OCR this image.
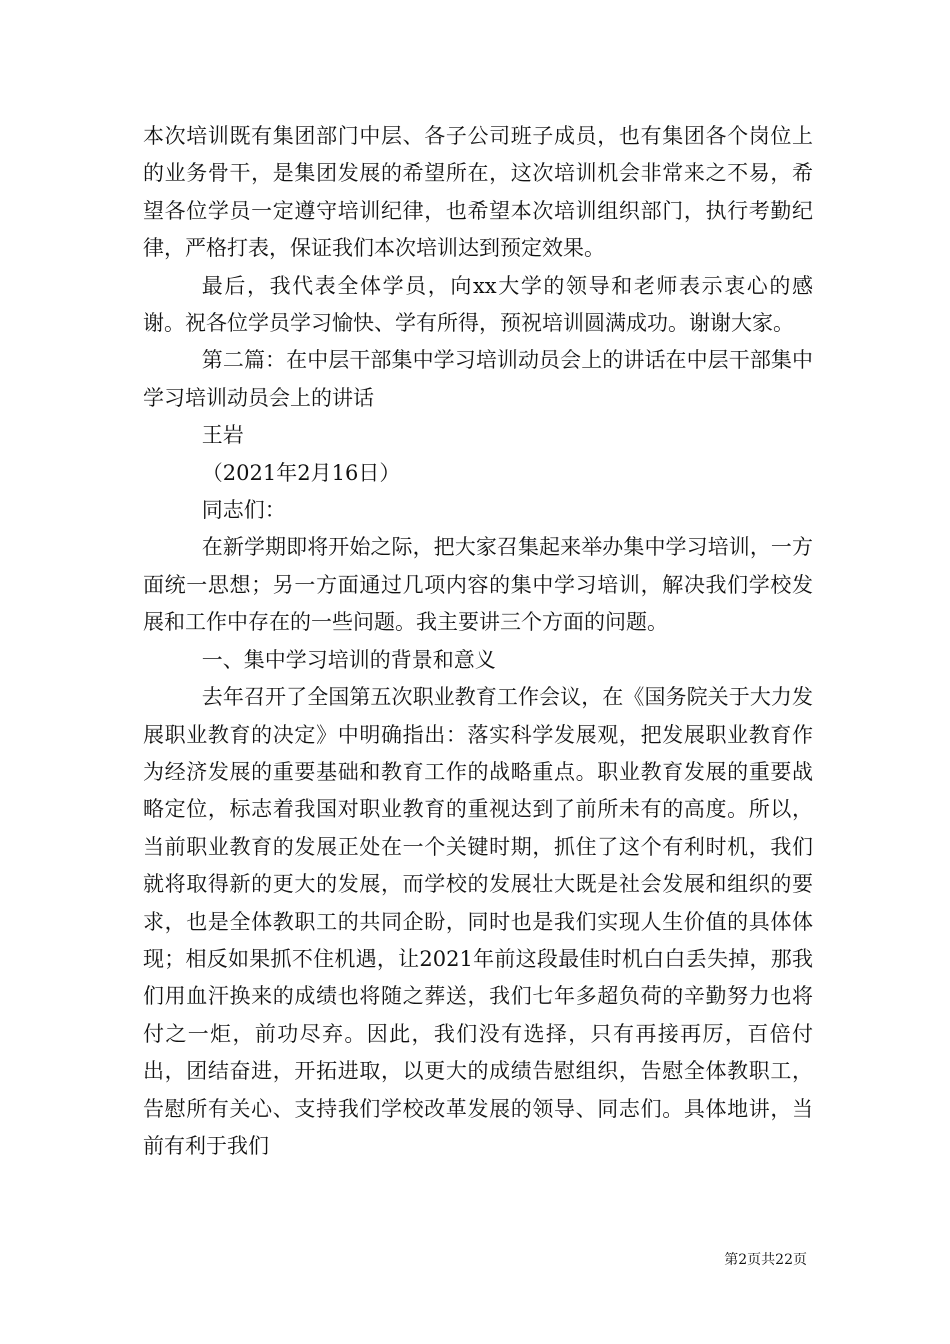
本次培训既有集团部门中层、各子公司班子成员，也有集团各个岗位上的业务骨干，是集团发展的希望所在，这次培训机会非常来之不易，希望各位学员一定遵守培训纪律，也希望本次培训组织部门，执行考勤纪律，严格打表，保证我们本次培训达到预定效果。

最后，我代表全体学员，向xx大学的领导和老师表示衷心的感谢。祝各位学员学习愉快、学有所得，预祝培训圆满成功。谢谢大家。

第二篇：在中层干部集中学习培训动员会上的讲话在中层干部集中学习培训动员会上的讲话

王岩

（2021年2月16日）

同志们：

在新学期即将开始之际，把大家召集起来举办集中学习培训，一方面统一思想；另一方面通过几项内容的集中学习培训，解决我们学校发展和工作中存在的一些问题。我主要讲三个方面的问题。

一、集中学习培训的背景和意义

去年召开了全国第五次职业教育工作会议，在《国务院关于大力发展职业教育的决定》中明确指出：落实科学发展观，把发展职业教育作为经济发展的重要基础和教育工作的战略重点。职业教育发展的重要战略定位，标志着我国对职业教育的重视达到了前所未有的高度。所以，当前职业教育的发展正处在一个关键时期，抓住了这个有利时机，我们就将取得新的更大的发展，而学校的发展壮大既是社会发展和组织的要求，也是全体教职工的共同企盼，同时也是我们实现人生价值的具体体现；相反如果抓不住机遇，让2021年前这段最佳时机白白丢失掉，那我们用血汗换来的成绩也将随之葬送，我们七年多超负荷的辛勤努力也将付之一炬，前功尽弃。因此，我们没有选择，只有再接再厉，百倍付出，团结奋进，开拓进取，以更大的成绩告慰组织，告慰全体教职工，告慰所有关心、支持我们学校改革发展的领导、同志们。具体地讲，当前有利于我们

第2页共22页
